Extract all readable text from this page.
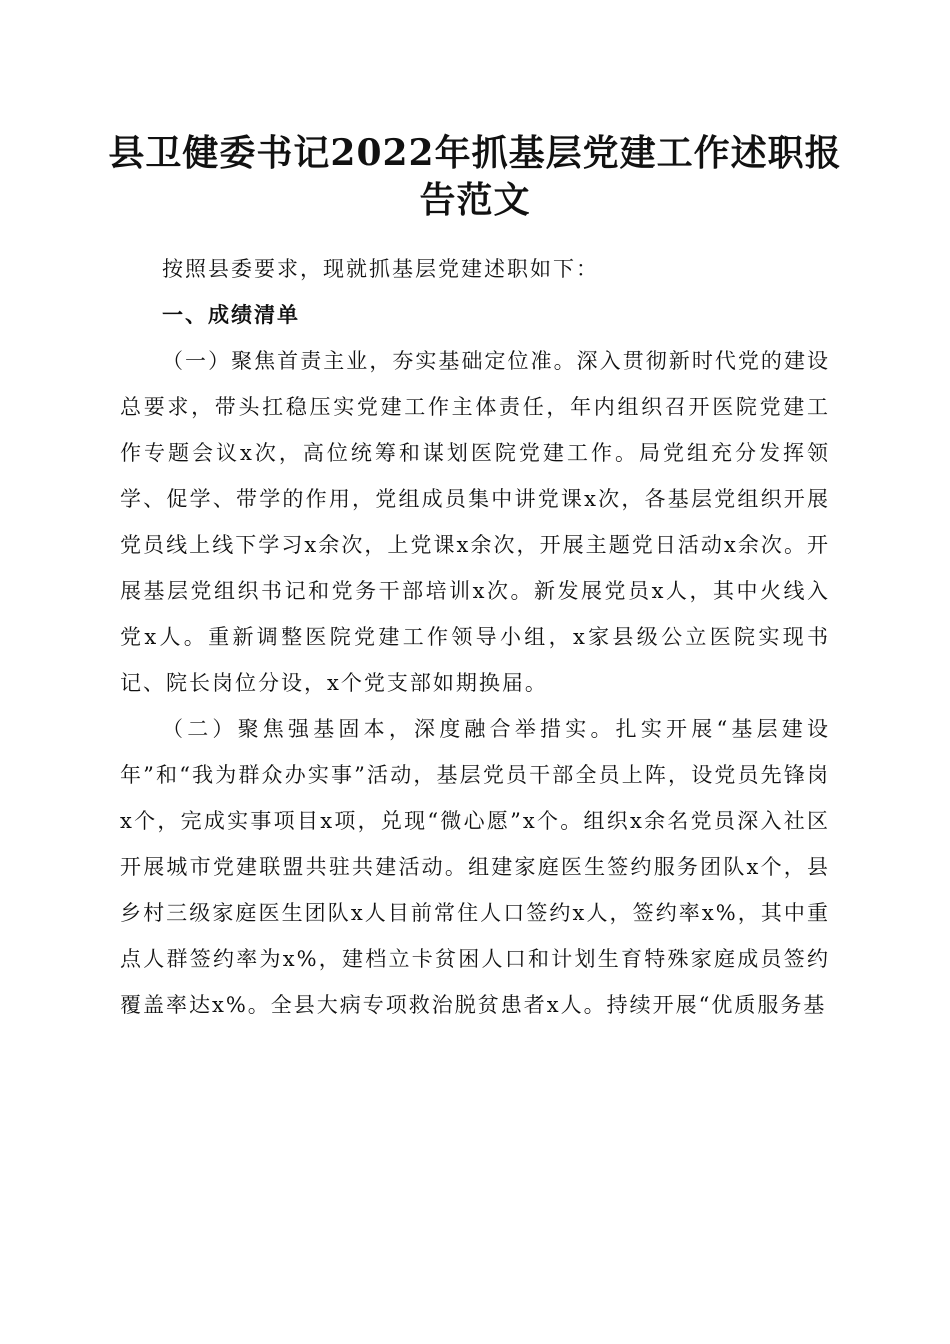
县卫健委书记2022年抓基层党建工作述职报告范文

按照县委要求，现就抓基层党建述职如下：

一、成绩清单

（一）聚焦首责主业，夯实基础定位准。深入贯彻新时代党的建设总要求，带头扛稳压实党建工作主体责任，年内组织召开医院党建工作专题会议x次，高位统筹和谋划医院党建工作。局党组充分发挥领学、促学、带学的作用，党组成员集中讲党课x次，各基层党组织开展党员线上线下学习x余次，上党课x余次，开展主题党日活动x余次。开展基层党组织书记和党务干部培训x次。新发展党员x人，其中火线入党x人。重新调整医院党建工作领导小组，x家县级公立医院实现书记、院长岗位分设，x个党支部如期换届。

（二）聚焦强基固本，深度融合举措实。扎实开展“基层建设年”和“我为群众办实事”活动，基层党员干部全员上阵，设党员先锋岗x个，完成实事项目x项，兑现“微心愿”x个。组织x余名党员深入社区开展城市党建联盟共驻共建活动。组建家庭医生签约服务团队x个，县乡村三级家庭医生团队x人目前常住人口签约x人，签约率x%，其中重点人群签约率为x%，建档立卡贫困人口和计划生育特殊家庭成员签约覆盖率达x%。全县大病专项救治脱贫患者x人。持续开展“优质服务基
